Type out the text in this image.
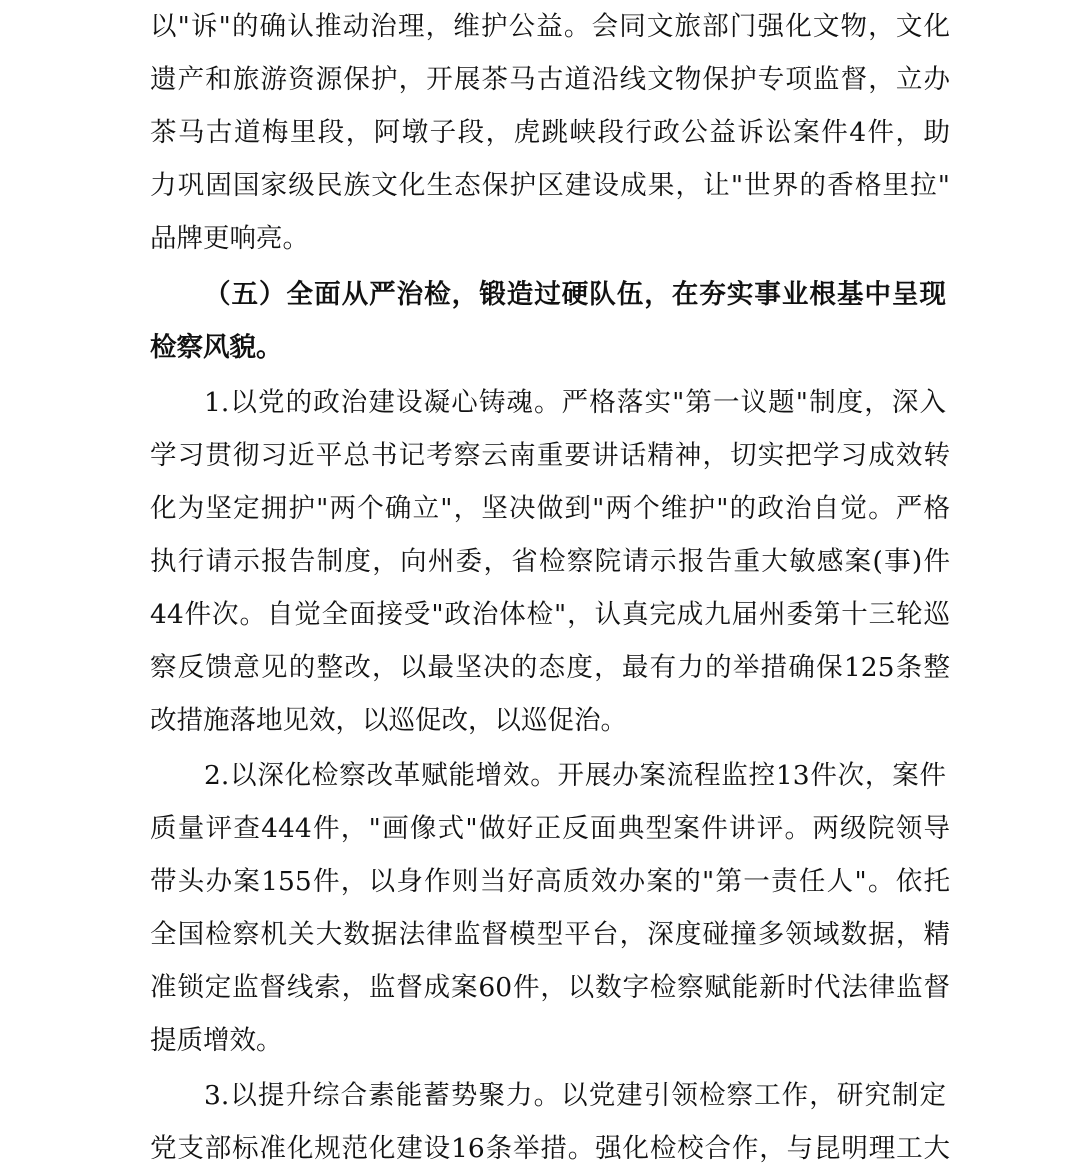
以"诉"的确认推动治理，维护公益。会同文旅部门强化文物，文化
遗产和旅游资源保护，开展茶马古道沿线文物保护专项监督，立办
茶马古道梅里段，阿墩子段，虎跳峡段行政公益诉讼案件4件，助
力巩固国家级民族文化生态保护区建设成果，让"世界的香格里拉"
品牌更响亮。
（五）全面从严治检，锻造过硬队伍，在夯实事业根基中呈现
检察风貌。
1.以党的政治建设凝心铸魂。严格落实"第一议题"制度，深入
学习贯彻习近平总书记考察云南重要讲话精神，切实把学习成效转
化为坚定拥护"两个确立"，坚决做到"两个维护"的政治自觉。严格
执行请示报告制度，向州委，省检察院请示报告重大敏感案(事)件
44件次。自觉全面接受"政治体检"，认真完成九届州委第十三轮巡
察反馈意见的整改，以最坚决的态度，最有力的举措确保125条整
改措施落地见效，以巡促改，以巡促治。
2.以深化检察改革赋能增效。开展办案流程监控13件次，案件
质量评查444件，"画像式"做好正反面典型案件讲评。两级院领导
带头办案155件，以身作则当好高质效办案的"第一责任人"。依托
全国检察机关大数据法律监督模型平台，深度碰撞多领域数据，精
准锁定监督线索，监督成案60件，以数字检察赋能新时代法律监督
提质增效。
3.以提升综合素能蓄势聚力。以党建引领检察工作，研究制定
党支部标准化规范化建设16条举措。强化检校合作，与昆明理工大
